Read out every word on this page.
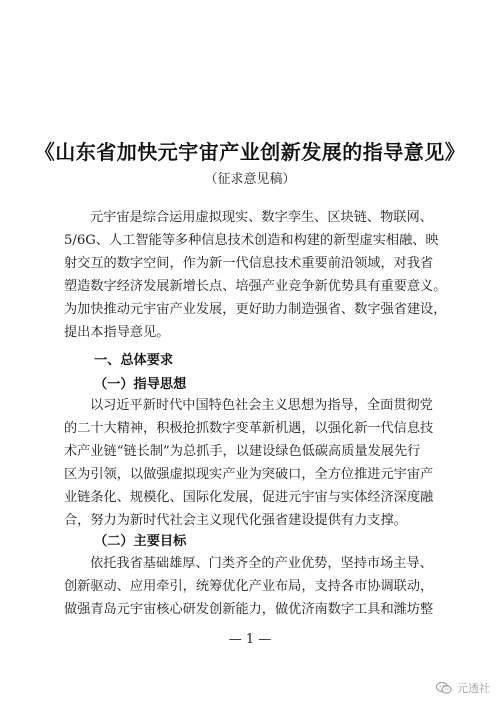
《山东省加快元宇宙产业创新发展的指导意见》
（征求意见稿）
元宇宙是综合运用虚拟现实、数字孪生、区块链、物联网、
5/6G、人工智能等多种信息技术创造和构建的新型虚实相融、映
射交互的数字空间，作为新一代信息技术重要前沿领域，对我省
塑造数字经济发展新增长点、培强产业竞争新优势具有重要意义。
为加快推动元宇宙产业发展，更好助力制造强省、数字强省建设，
提出本指导意见。
一、总体要求
（一）指导思想
以习近平新时代中国特色社会主义思想为指导，全面贯彻党
的二十大精神，积极抢抓数字变革新机遇，以强化新一代信息技
术产业链“链长制”为总抓手，以建设绿色低碳高质量发展先行
区为引领，以做强虚拟现实产业为突破口，全方位推进元宇宙产
业链条化、规模化、国际化发展，促进元宇宙与实体经济深度融
合，努力为新时代社会主义现代化强省建设提供有力支撑。
（二）主要目标
依托我省基础雄厚、门类齐全的产业优势，坚持市场主导、
创新驱动、应用牵引，统筹优化产业布局，支持各市协调联动，
做强青岛元宇宙核心研发创新能力，做优济南数字工具和潍坊整
— 1 —
元透社
